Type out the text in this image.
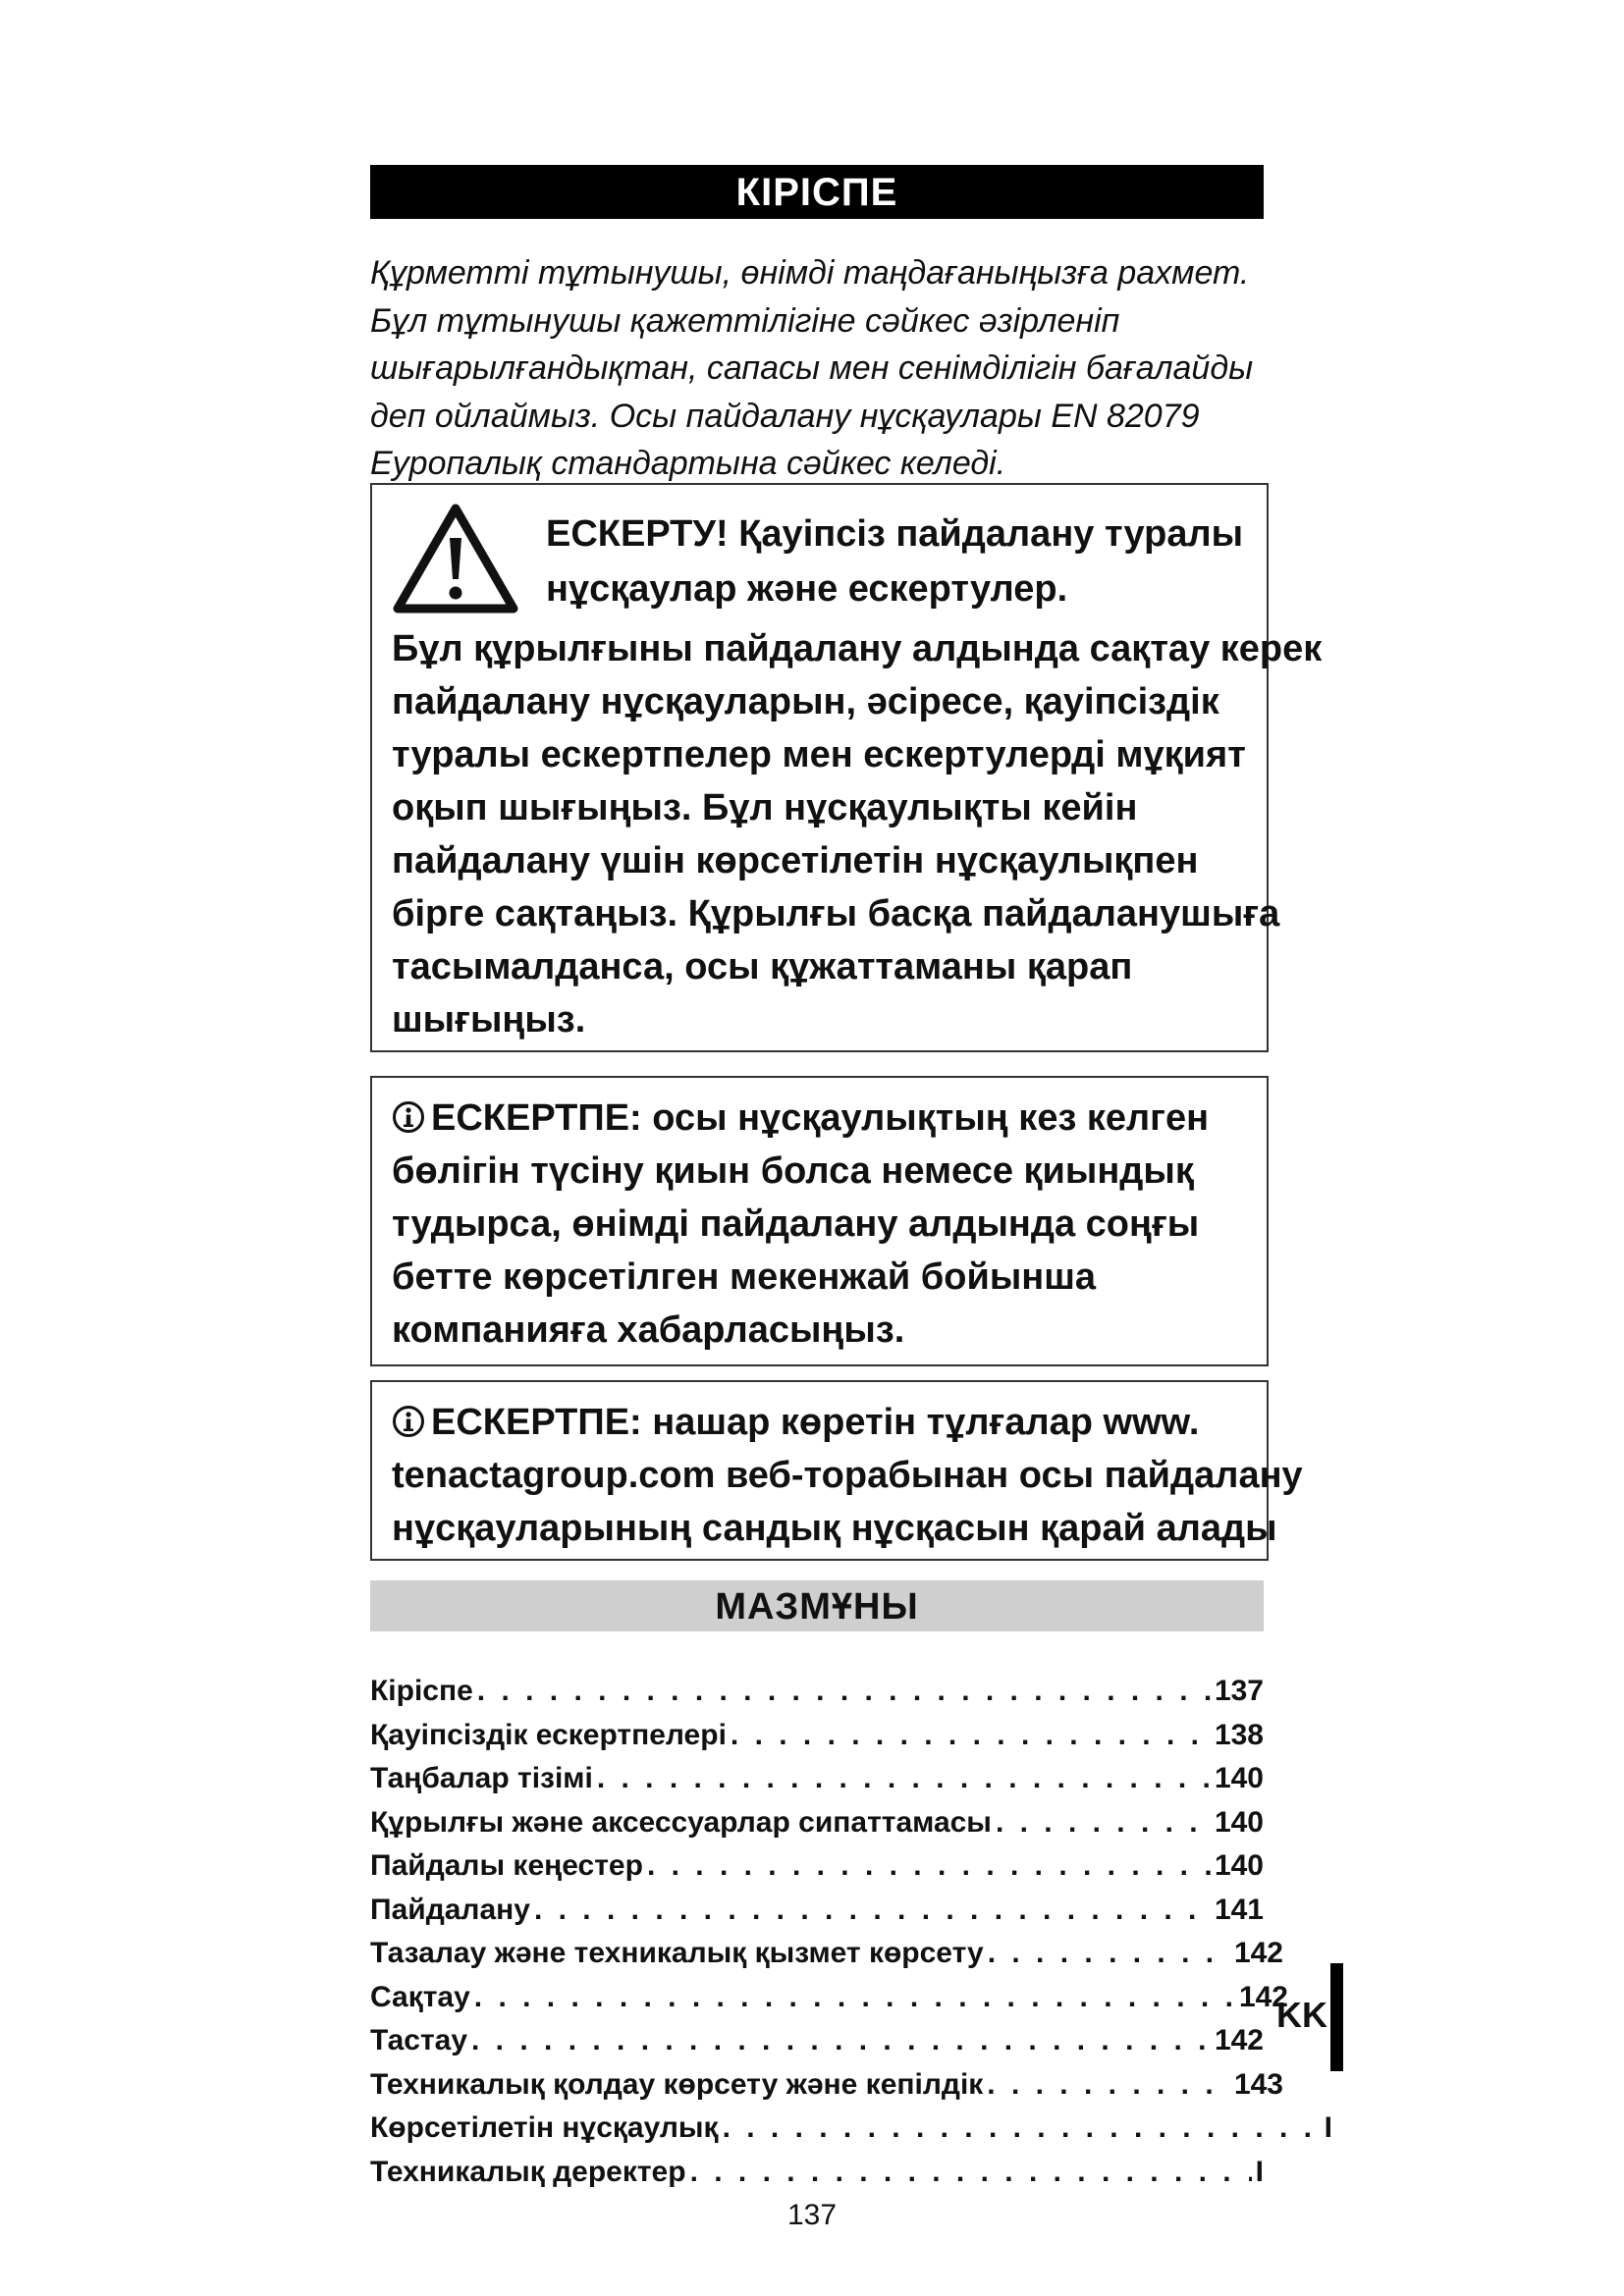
КІРІСПЕ
Құрметті тұтынушы, өнімді таңдағаныңызға рахмет.
Бұл тұтынушы қажеттілігіне сәйкес әзірленіп
шығарылғандықтан, сапасы мен сенімділігін бағалайды
деп ойлаймыз. Осы пайдалану нұсқаулары EN 82079
Еуропалық стандартына сәйкес келеді.
ЕСКЕРТУ! Қауіпсіз пайдалану туралы
нұсқаулар және ескертулер.
Бұл құрылғыны пайдалану алдында сақтау керек
пайдалану нұсқауларын, әсіресе, қауіпсіздік
туралы ескертпелер мен ескертулерді мұқият
оқып шығыңыз. Бұл нұсқаулықты кейін
пайдалану үшін көрсетілетін нұсқаулықпен
бірге сақтаңыз. Құрылғы басқа пайдаланушыға
тасымалданса, осы құжаттаманы қарап
шығыңыз.
ЕСКЕРТПЕ: осы нұсқаулықтың кез келген
бөлігін түсіну қиын болса немесе қиындық
тудырса, өнімді пайдалану алдында соңғы
бетте көрсетілген мекенжай бойынша
компанияға хабарласыңыз.
ЕСКЕРТПЕ: нашар көретін тұлғалар www.
tenactagroup.com веб-торабынан осы пайдалану
нұсқауларының сандық нұсқасын қарай алады
МАЗМҰНЫ
Кіріспе . . .	137
Қауіпсіздік ескертпелері . . .	138
Таңбалар тізімі . . .	140
Құрылғы және аксессуарлар сипаттамасы . . .	140
Пайдалы кеңестер . . .	140
Пайдалану . . .	141
Тазалау және техникалық қызмет көрсету . . .	142
Сақтау . . .	142
Тастау . . .	142
Техникалық қолдау көрсету және кепілдік . . .	143
Көрсетілетін нұсқаулық . . .	I
Техникалық деректер . . .	I
KK
137
